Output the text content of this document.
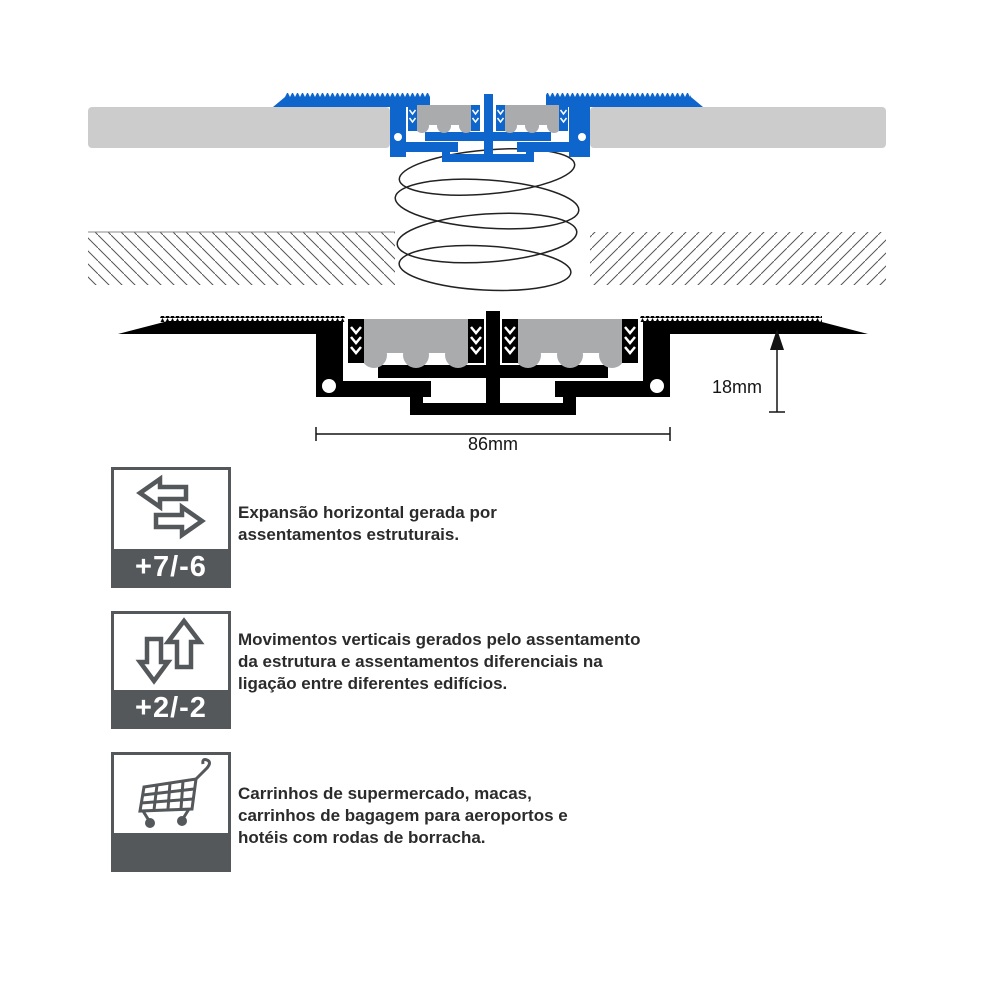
86mm
18mm
+7/-6
Expansão horizontal gerada por
assentamentos estruturais.
+2/-2
Movimentos verticais gerados pelo assentamento
da estrutura e assentamentos diferenciais na
ligação entre diferentes edifícios.
Carrinhos de supermercado, macas,
carrinhos de bagagem para aeroportos e
hotéis com rodas de borracha.
